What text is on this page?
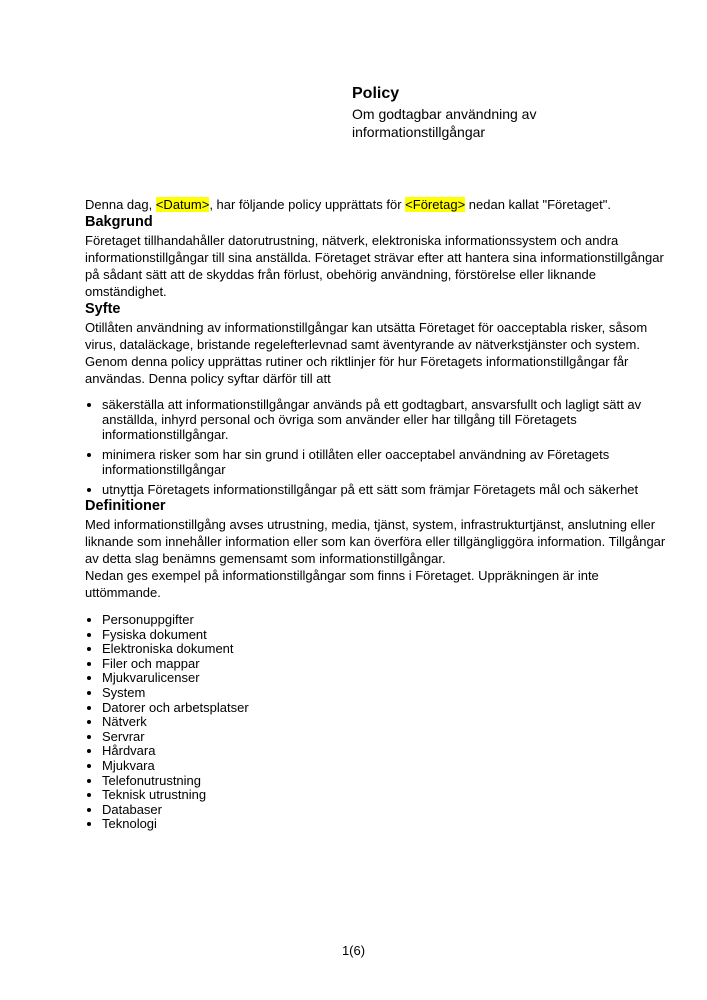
Policy

Om godtagbar användning av informationstillgångar

Denna dag, <Datum>, har följande policy upprättats för <Företag> nedan kallat "Företaget".

Bakgrund

Företaget tillhandahåller datorutrustning, nätverk, elektroniska informationssystem och andra informationstillgångar till sina anställda. Företaget strävar efter att hantera sina informationstillgångar på sådant sätt att de skyddas från förlust, obehörig användning, förstörelse eller liknande omständighet.

Syfte

Otillåten användning av informationstillgångar kan utsätta Företaget för oacceptabla risker, såsom virus, dataläckage, bristande regelefterlevnad samt äventyrande av nätverkstjänster och system. Genom denna policy upprättas rutiner och riktlinjer för hur Företagets informationstillgångar får användas. Denna policy syftar därför till att

• säkerställa att informationstillgångar används på ett godtagbart, ansvarsfullt och lagligt sätt av anställda, inhyrd personal och övriga som använder eller har tillgång till Företagets informationstillgångar.
• minimera risker som har sin grund i otillåten eller oacceptabel användning av Företagets informationstillgångar
• utnyttja Företagets informationstillgångar på ett sätt som främjar Företagets mål och säkerhet
Definitioner

Med informationstillgång avses utrustning, media, tjänst, system, infrastrukturtjänst, anslutning eller liknande som innehåller information eller som kan överföra eller tillgängliggöra information. Tillgångar av detta slag benämns gemensamt som informationstillgångar.

Nedan ges exempel på informationstillgångar som finns i Företaget. Uppräkningen är inte uttömmande.

• Personuppgifter
• Fysiska dokument
• Elektroniska dokument
• Filer och mappar
• Mjukvarulicenser
• System
• Datorer och arbetsplatser
• Nätverk
• Servrar
• Hårdvara
• Mjukvara
• Telefonutrustning
• Teknisk utrustning
• Databaser
• Teknologi
1(6)
